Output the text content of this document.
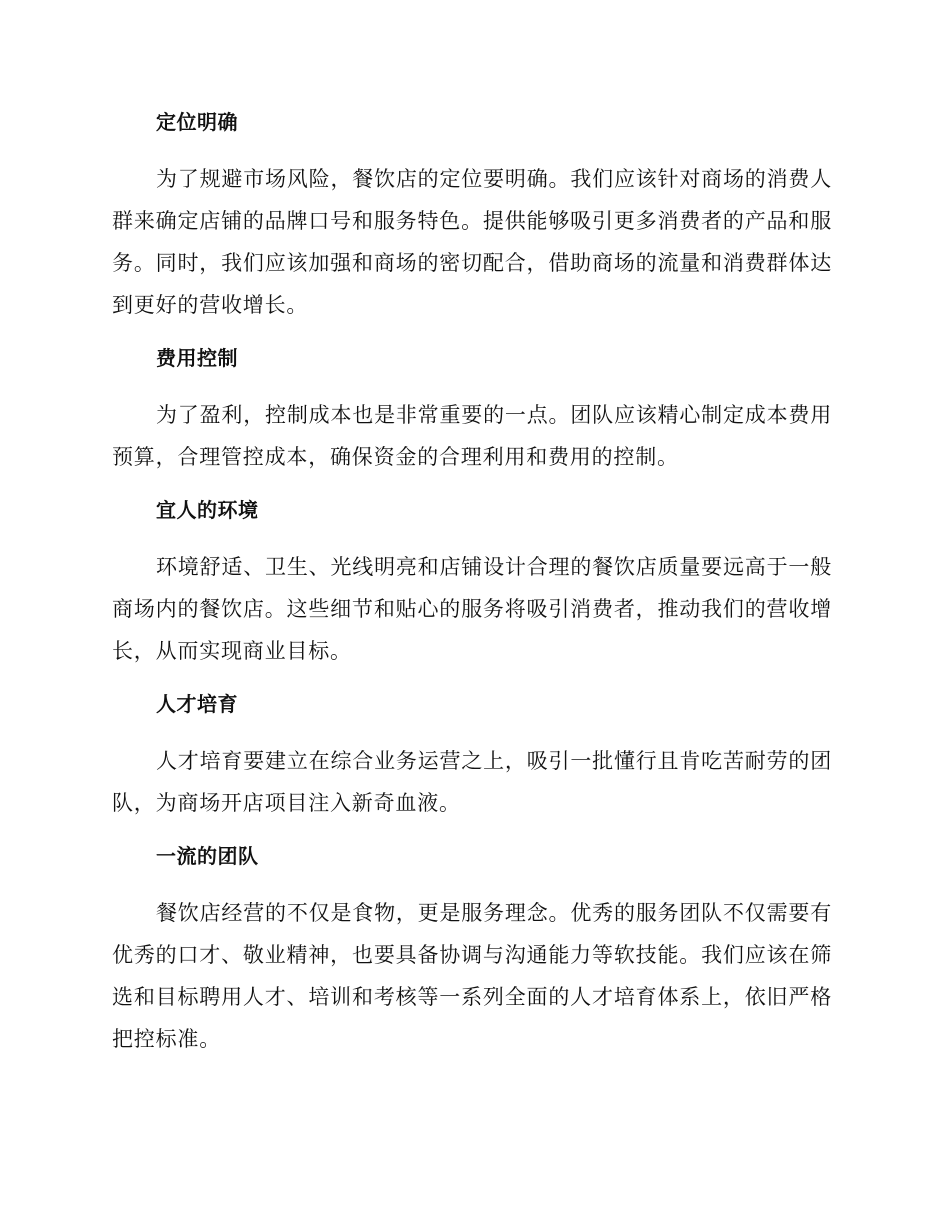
定位明确

为了规避市场风险，餐饮店的定位要明确。我们应该针对商场的消费人群来确定店铺的品牌口号和服务特色。提供能够吸引更多消费者的产品和服务。同时，我们应该加强和商场的密切配合，借助商场的流量和消费群体达到更好的营收增长。

费用控制

为了盈利，控制成本也是非常重要的一点。团队应该精心制定成本费用预算，合理管控成本，确保资金的合理利用和费用的控制。

宜人的环境

环境舒适、卫生、光线明亮和店铺设计合理的餐饮店质量要远高于一般商场内的餐饮店。这些细节和贴心的服务将吸引消费者，推动我们的营收增长，从而实现商业目标。

人才培育

人才培育要建立在综合业务运营之上，吸引一批懂行且肯吃苦耐劳的团队，为商场开店项目注入新奇血液。

一流的团队

餐饮店经营的不仅是食物，更是服务理念。优秀的服务团队不仅需要有优秀的口才、敬业精神，也要具备协调与沟通能力等软技能。我们应该在筛选和目标聘用人才、培训和考核等一系列全面的人才培育体系上，依旧严格把控标准。
